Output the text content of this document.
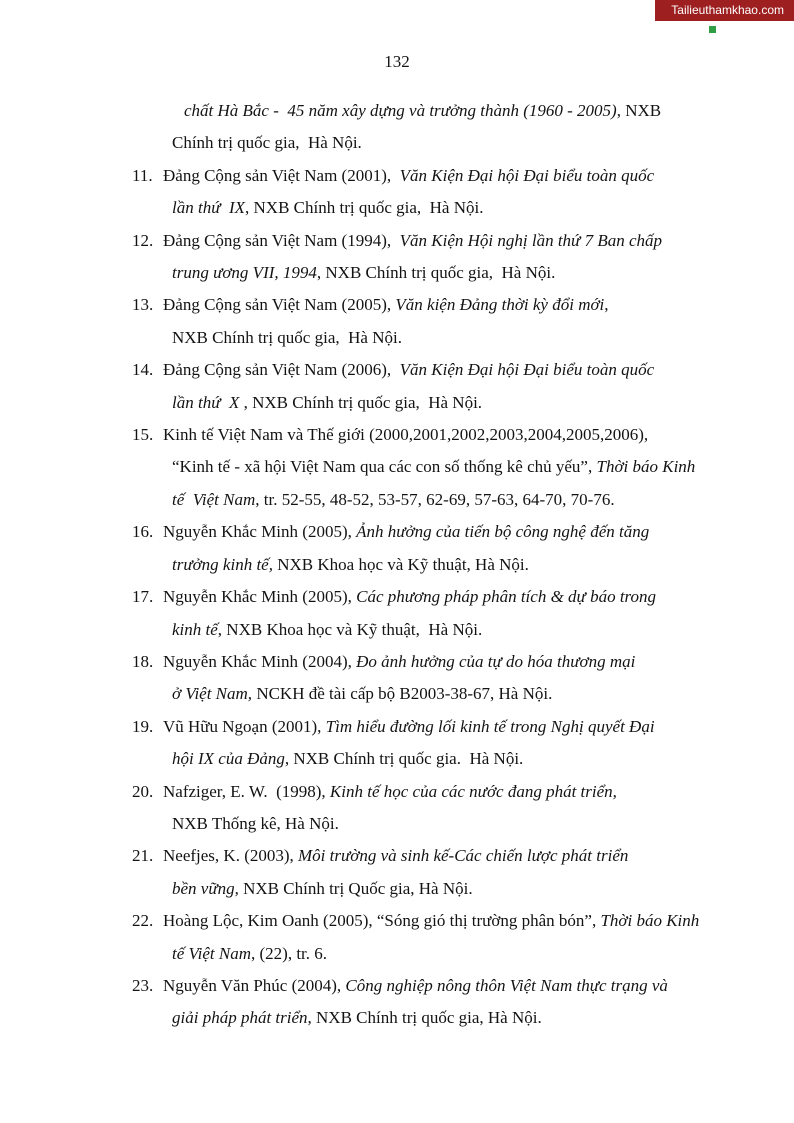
Tailieuthamkhao.com
132
chất Hà Bắc -  45 năm xây dựng và trưởng thành (1960 - 2005), NXB
Chính trị quốc gia,  Hà Nội.
11. Đảng Cộng sản Việt Nam (2001),  Văn Kiện Đại hội Đại biểu toàn quốc
lần thứ  IX, NXB Chính trị quốc gia,  Hà Nội.
12. Đảng Cộng sản Việt Nam (1994),  Văn Kiện Hội nghị lần thứ 7 Ban chấp
trung ương VII, 1994, NXB Chính trị quốc gia,  Hà Nội.
13. Đảng Cộng sản Việt Nam (2005), Văn kiện Đảng thời kỳ đổi mới,
NXB Chính trị quốc gia,  Hà Nội.
14. Đảng Cộng sản Việt Nam (2006),  Văn Kiện Đại hội Đại biểu toàn quốc
lần thứ  X , NXB Chính trị quốc gia,  Hà Nội.
15. Kinh tế Việt Nam và Thế giới (2000,2001,2002,2003,2004,2005,2006),
“Kinh tế - xã hội Việt Nam qua các con số thống kê chủ yếu”, Thời báo Kinh
tế  Việt Nam, tr. 52-55, 48-52, 53-57, 62-69, 57-63, 64-70, 70-76.
16. Nguyễn Khắc Minh (2005), Ảnh hưởng của tiến bộ công nghệ đến tăng
trưởng kinh tế, NXB Khoa học và Kỹ thuật, Hà Nội.
17. Nguyễn Khắc Minh (2005), Các phương pháp phân tích & dự báo trong
kinh tế, NXB Khoa học và Kỹ thuật,  Hà Nội.
18. Nguyễn Khắc Minh (2004), Đo ảnh hưởng của tự do hóa thương mại
ở Việt Nam, NCKH đề tài cấp bộ B2003-38-67, Hà Nội.
19. Vũ Hữu Ngoạn (2001), Tìm hiểu đường lối kinh tế trong Nghị quyết Đại
hội IX của Đảng, NXB Chính trị quốc gia.  Hà Nội.
20. Nafziger, E. W.  (1998), Kinh tế học của các nước đang phát triển,
NXB Thống kê, Hà Nội.
21. Neefjes, K. (2003), Môi trường và sinh kế-Các chiến lược phát triển
bền vững, NXB Chính trị Quốc gia, Hà Nội.
22. Hoàng Lộc, Kim Oanh (2005), “Sóng gió thị trường phân bón”, Thời báo Kinh
tế Việt Nam, (22), tr. 6.
23. Nguyễn Văn Phúc (2004), Công nghiệp nông thôn Việt Nam thực trạng và
giải pháp phát triển, NXB Chính trị quốc gia, Hà Nội.
